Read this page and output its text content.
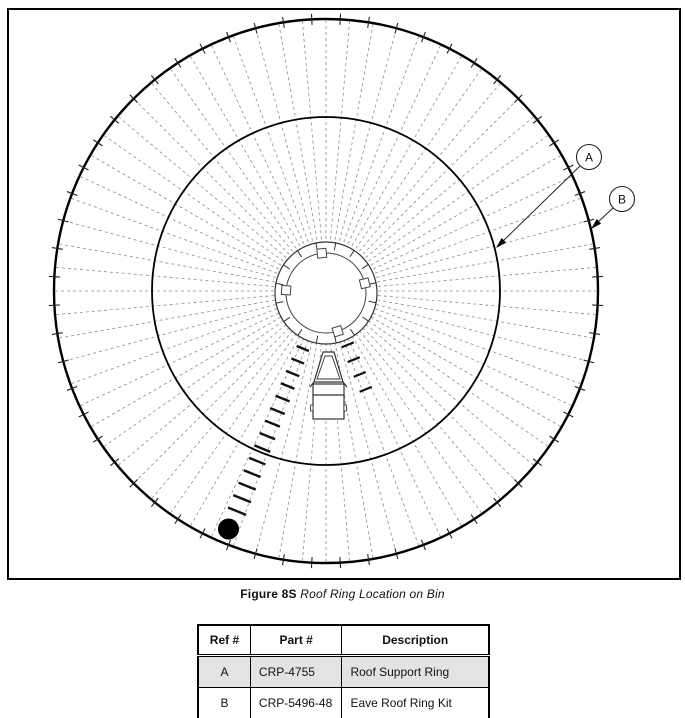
A
B
Figure 8S Roof Ring Location on Bin
Ref #	Part #	Description
A	CRP-4755	Roof Support Ring
B	CRP-5496-48	Eave Roof Ring Kit
